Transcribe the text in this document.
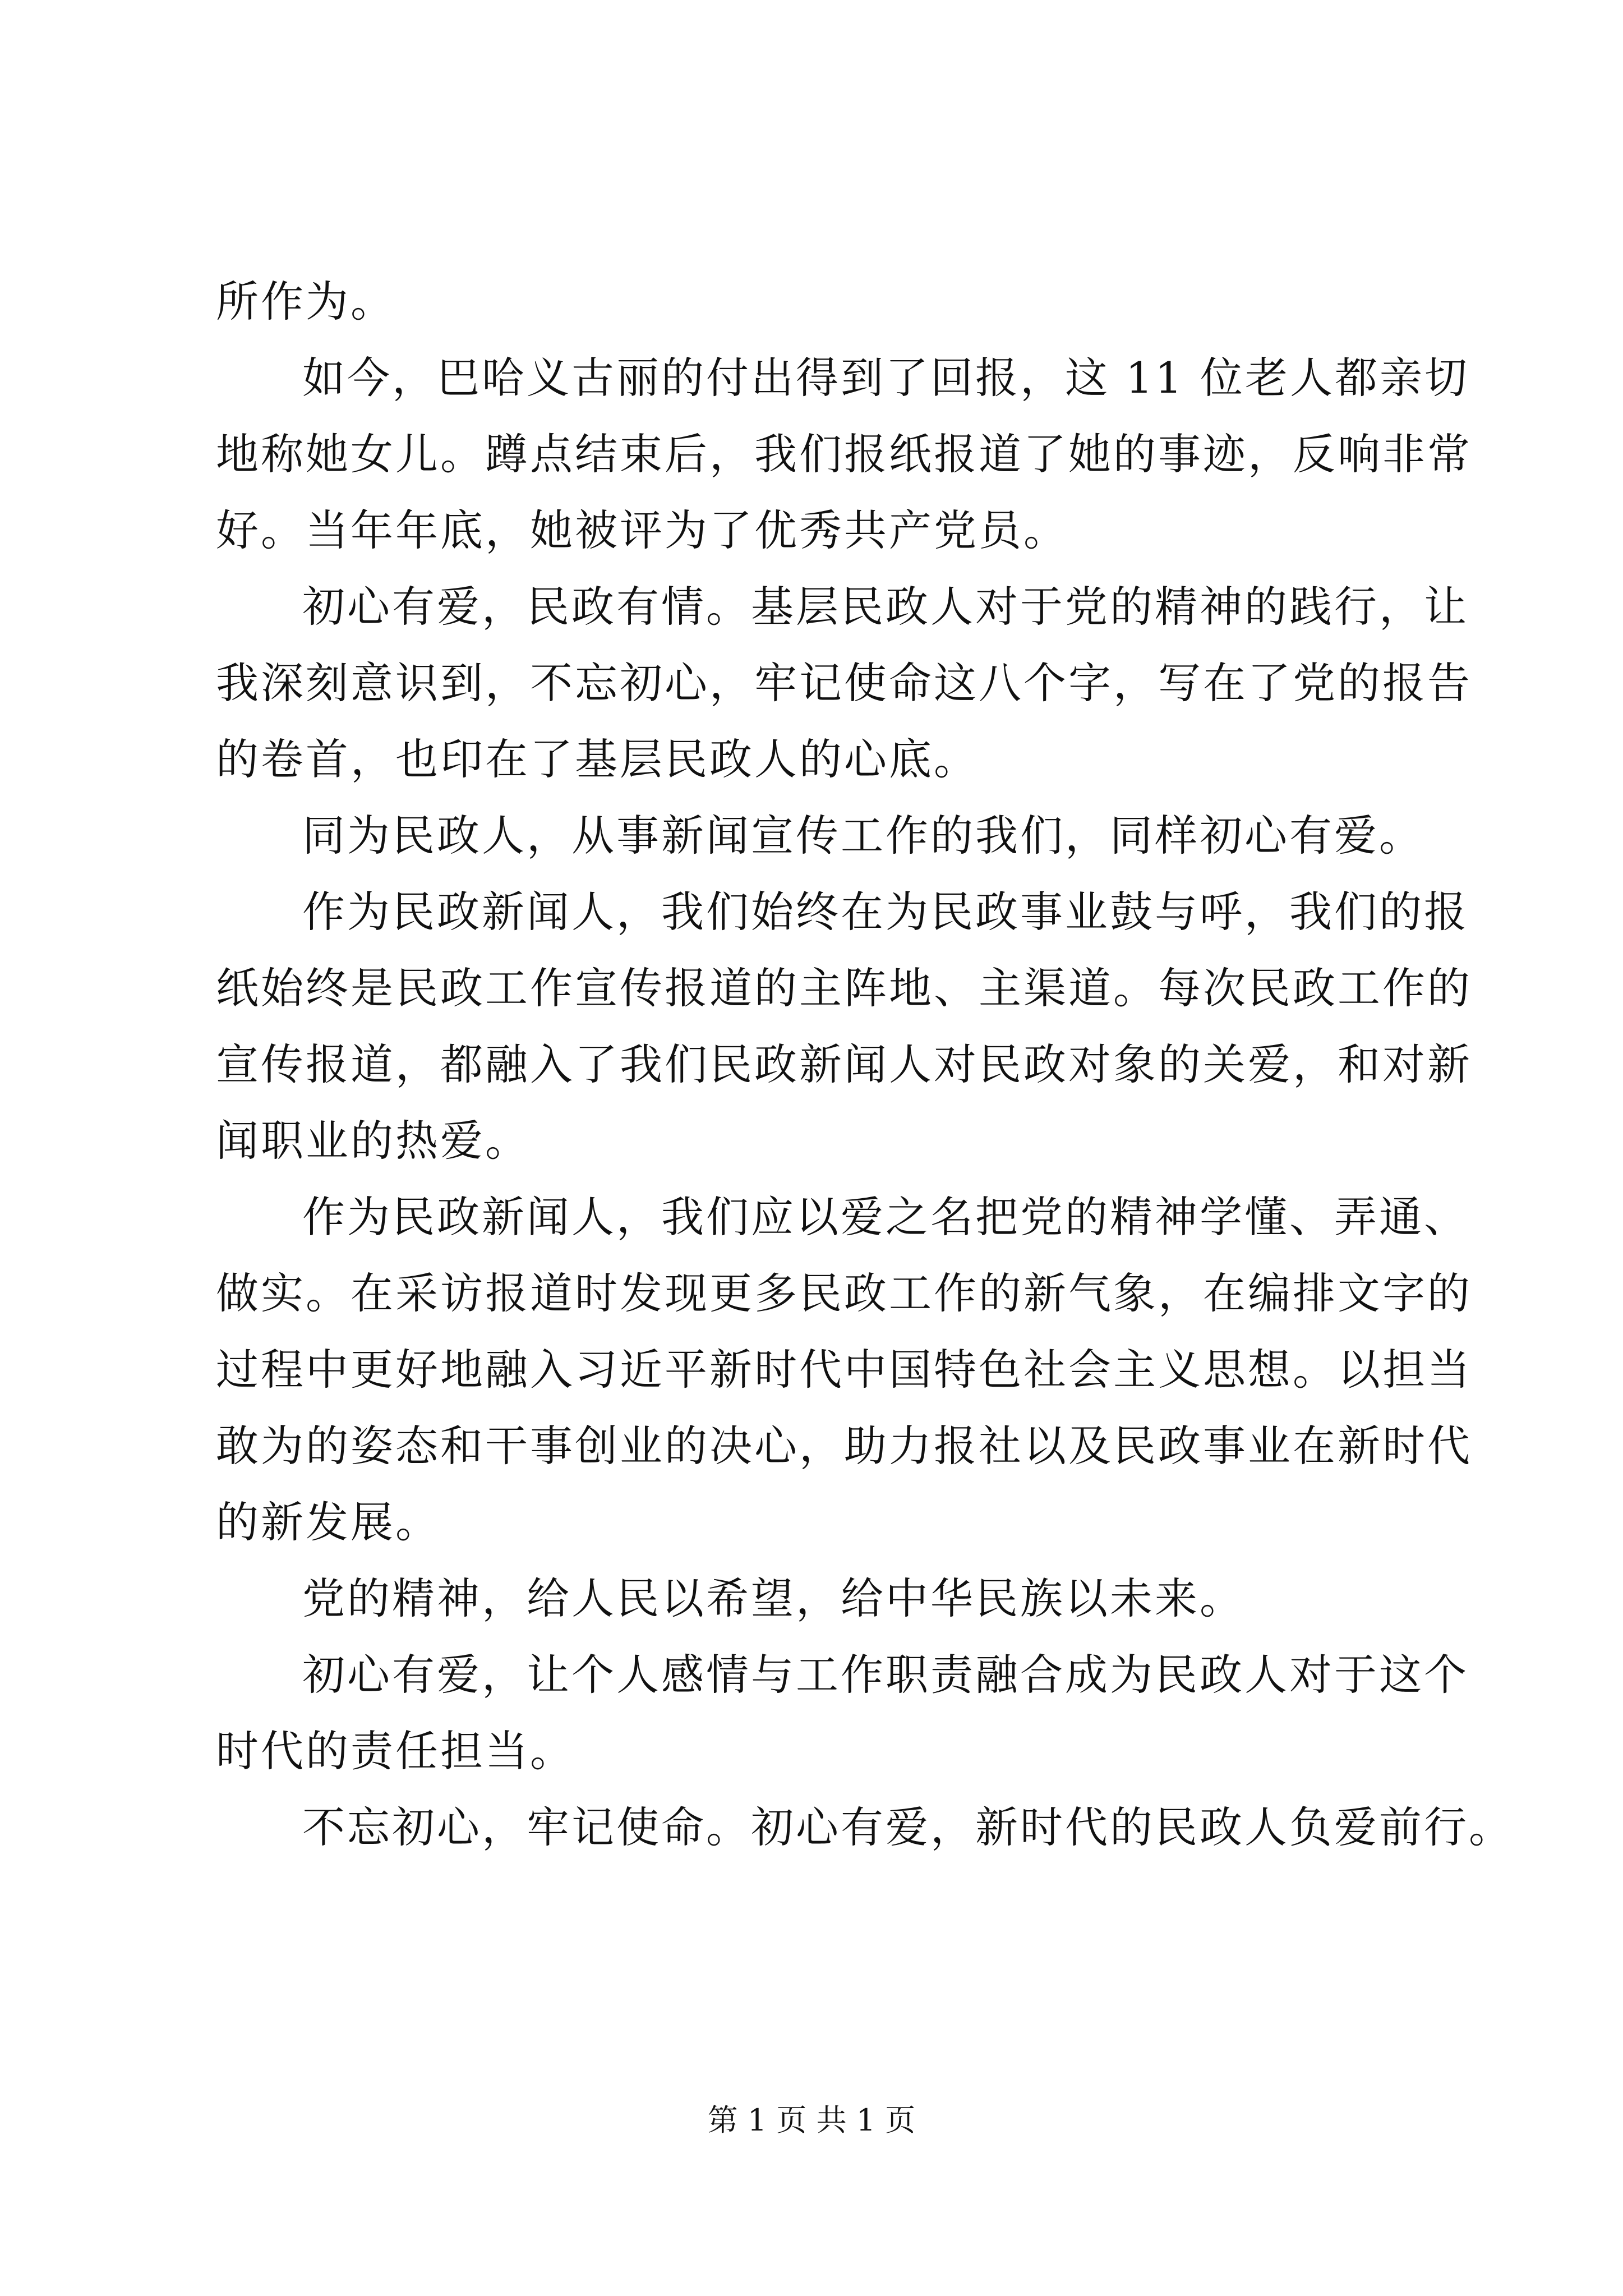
所作为。
如今，巴哈义古丽的付出得到了回报，这 11 位老人都亲切
地称她女儿。蹲点结束后，我们报纸报道了她的事迹，反响非常
好。当年年底，她被评为了优秀共产党员。
初心有爱，民政有情。基层民政人对于党的精神的践行，让
我深刻意识到，不忘初心，牢记使命这八个字，写在了党的报告
的卷首，也印在了基层民政人的心底。
同为民政人，从事新闻宣传工作的我们，同样初心有爱。
作为民政新闻人，我们始终在为民政事业鼓与呼，我们的报
纸始终是民政工作宣传报道的主阵地、主渠道。每次民政工作的
宣传报道，都融入了我们民政新闻人对民政对象的关爱，和对新
闻职业的热爱。
作为民政新闻人，我们应以爱之名把党的精神学懂、弄通、
做实。在采访报道时发现更多民政工作的新气象，在编排文字的
过程中更好地融入习近平新时代中国特色社会主义思想。以担当
敢为的姿态和干事创业的决心，助力报社以及民政事业在新时代
的新发展。
党的精神，给人民以希望，给中华民族以未来。
初心有爱，让个人感情与工作职责融合成为民政人对于这个
时代的责任担当。
不忘初心，牢记使命。初心有爱，新时代的民政人负爱前行。
第 1 页 共 1 页
